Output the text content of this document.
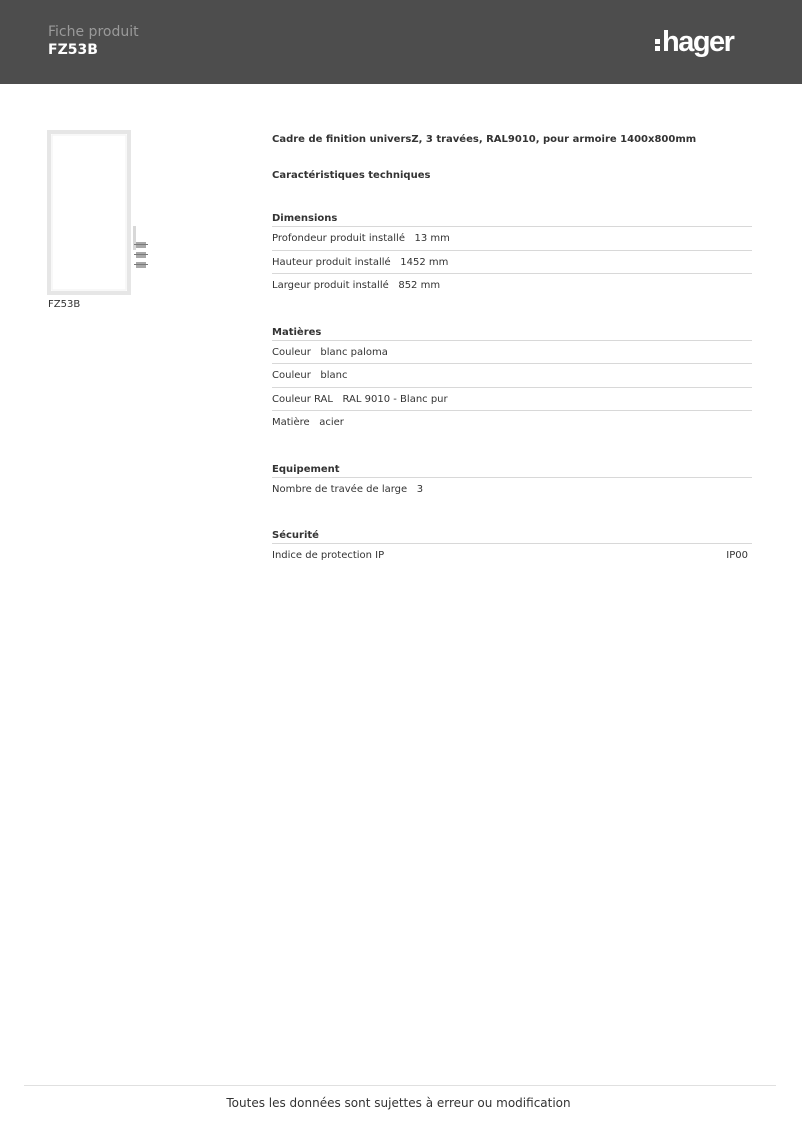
Fiche produit
FZ53B	hager
FZ53B
Cadre de finition universZ, 3 travées, RAL9010, pour armoire 1400x800mm
Caractéristiques techniques
Dimensions
Profondeur produit installé 13 mm
Hauteur produit installé 1452 mm
Largeur produit installé 852 mm
Matières
Couleur blanc paloma
Couleur blanc
Couleur RAL RAL 9010 - Blanc pur
Matière acier
Equipement
Nombre de travée de large 3
Sécurité
Indice de protection IP	IP00
Toutes les données sont sujettes à erreur ou modification
